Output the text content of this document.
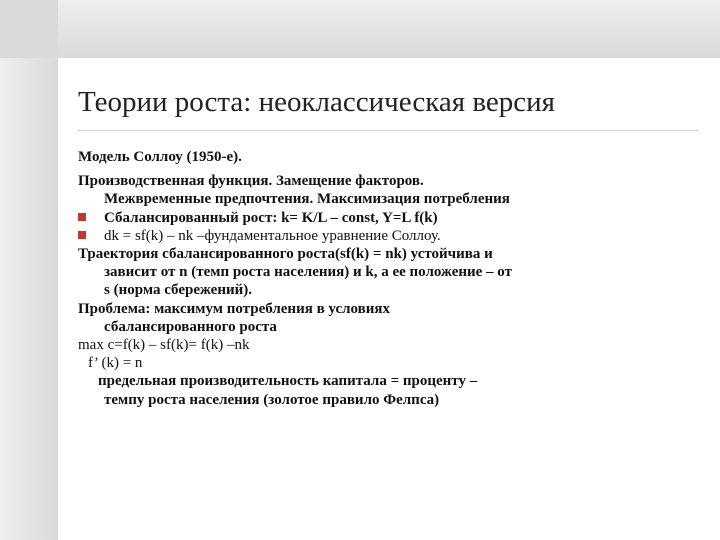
Теории роста: неоклассическая версия

Модель Соллоу (1950-е).

Производственная функция. Замещение факторов.

Межвременные предпочтения. Максимизация потребления

Сбалансированный рост: k= K/L – const, Y=L f(k)
dk = sf(k) – nk –фундаментальное уравнение Соллоу.

Траектория сбалансированного роста(sf(k) = nk) устойчива и

зависит от n (темп роста населения) и k, а ее положение – от

s (норма сбережений).

Проблема: максимум потребления в условиях

сбалансированного роста

max c=f(k) – sf(k)= f(k) –nk

f’ (k) = n

предельная производительность капитала = проценту –

темпу роста населения (золотое правило Фелпса)
